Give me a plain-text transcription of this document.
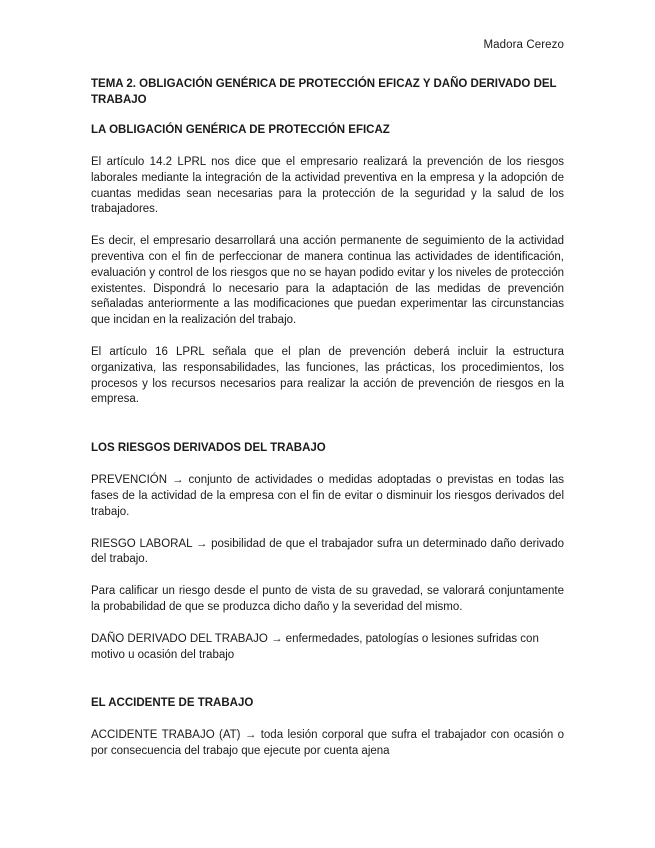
Madora Cerezo
TEMA 2. OBLIGACIÓN GENÉRICA DE PROTECCIÓN EFICAZ Y DAÑO DERIVADO DEL TRABAJO
LA OBLIGACIÓN GENÉRICA DE PROTECCIÓN EFICAZ

El artículo 14.2 LPRL nos dice que el empresario realizará la prevención de los riesgos laborales mediante la integración de la actividad preventiva en la empresa y la adopción de cuantas medidas sean necesarias para la protección de la seguridad y la salud de los trabajadores.

Es decir, el empresario desarrollará una acción permanente de seguimiento de la actividad preventiva con el fin de perfeccionar de manera continua las actividades de identificación, evaluación y control de los riesgos que no se hayan podido evitar y los niveles de protección existentes. Dispondrá lo necesario para la adaptación de las medidas de prevención señaladas anteriormente a las modificaciones que puedan experimentar las circunstancias que incidan en la realización del trabajo.

El artículo 16 LPRL señala que el plan de prevención deberá incluir la estructura organizativa, las responsabilidades, las funciones, las prácticas, los procedimientos, los procesos y los recursos necesarios para realizar la acción de prevención de riesgos en la empresa.

LOS RIESGOS DERIVADOS DEL TRABAJO

PREVENCIÓN → conjunto de actividades o medidas adoptadas o previstas en todas las fases de la actividad de la empresa con el fin de evitar o disminuir los riesgos derivados del trabajo.

RIESGO LABORAL → posibilidad de que el trabajador sufra un determinado daño derivado del trabajo.

Para calificar un riesgo desde el punto de vista de su gravedad, se valorará conjuntamente la probabilidad de que se produzca dicho daño y la severidad del mismo.

DAÑO DERIVADO DEL TRABAJO → enfermedades, patologías o lesiones sufridas con motivo u ocasión del trabajo

EL ACCIDENTE DE TRABAJO

ACCIDENTE TRABAJO (AT) → toda lesión corporal que sufra el trabajador con ocasión o por consecuencia del trabajo que ejecute por cuenta ajena
